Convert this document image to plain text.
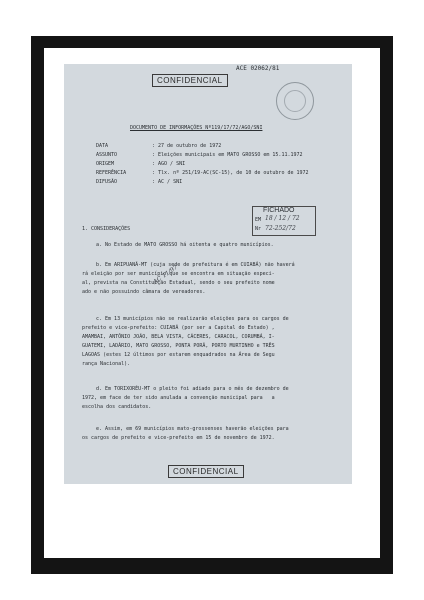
CONFIDENCIAL
ACE 02062/81
DOCUMENTO DE INFORMAÇÕES Nº119/17/72/AGO/SNI
DATA	: 27 de outubro de 1972
ASSUNTO	: Eleições municipais em MATO GROSSO em 15.11.1972
ORIGEM	: AGO / SNI
REFERÊNCIA	: Tlx. nº 251/19-AC(SC-15), de 10 de outubro de 1972
DIFUSÃO	: AC / SNI
FICHADO
EM 18 / 12 / 72
Nr 72-252/72
1. CONSIDERAÇÕES
a. No Estado de MATO GROSSO há oitenta e quatro municípios.
b. Em ARIPUANÃ-MT (cuja sede de prefeitura é em CUIABÁ) não haverá
rá eleição por ser município que se encontra em situação especi-
al, prevista na Constituição Estadual, sendo o seu prefeito nome
ado e não possuindo câmara de vereadores.
AC 11/97
c. Em 13 municípios não se realizarão eleições para os cargos de
prefeito e vice-prefeito: CUIABÁ (por ser a Capital do Estado) ,
AMAMBAI, ANTÔNIO JOÃO, BELA VISTA, CÁCERES, CARACOL, CORUMBÁ, I-
GUATEMI, LADÁRIO, MATO GROSSO, PONTA PORÃ, PORTO MURTINHO e TRÊS
LAGOAS (estes 12 últimos por estarem enquadrados na Área de Segu
rança Nacional).
d. Em TORIXORÉU-MT o pleito foi adiado para o mês de dezembro de
1972, em face de ter sido anulada a convenção municipal para   a
escolha dos candidatos.
e. Assim, em 69 municípios mato-grossenses haverão eleições para
os cargos de prefeito e vice-prefeito em 15 de novembro de 1972.
CONFIDENCIAL
